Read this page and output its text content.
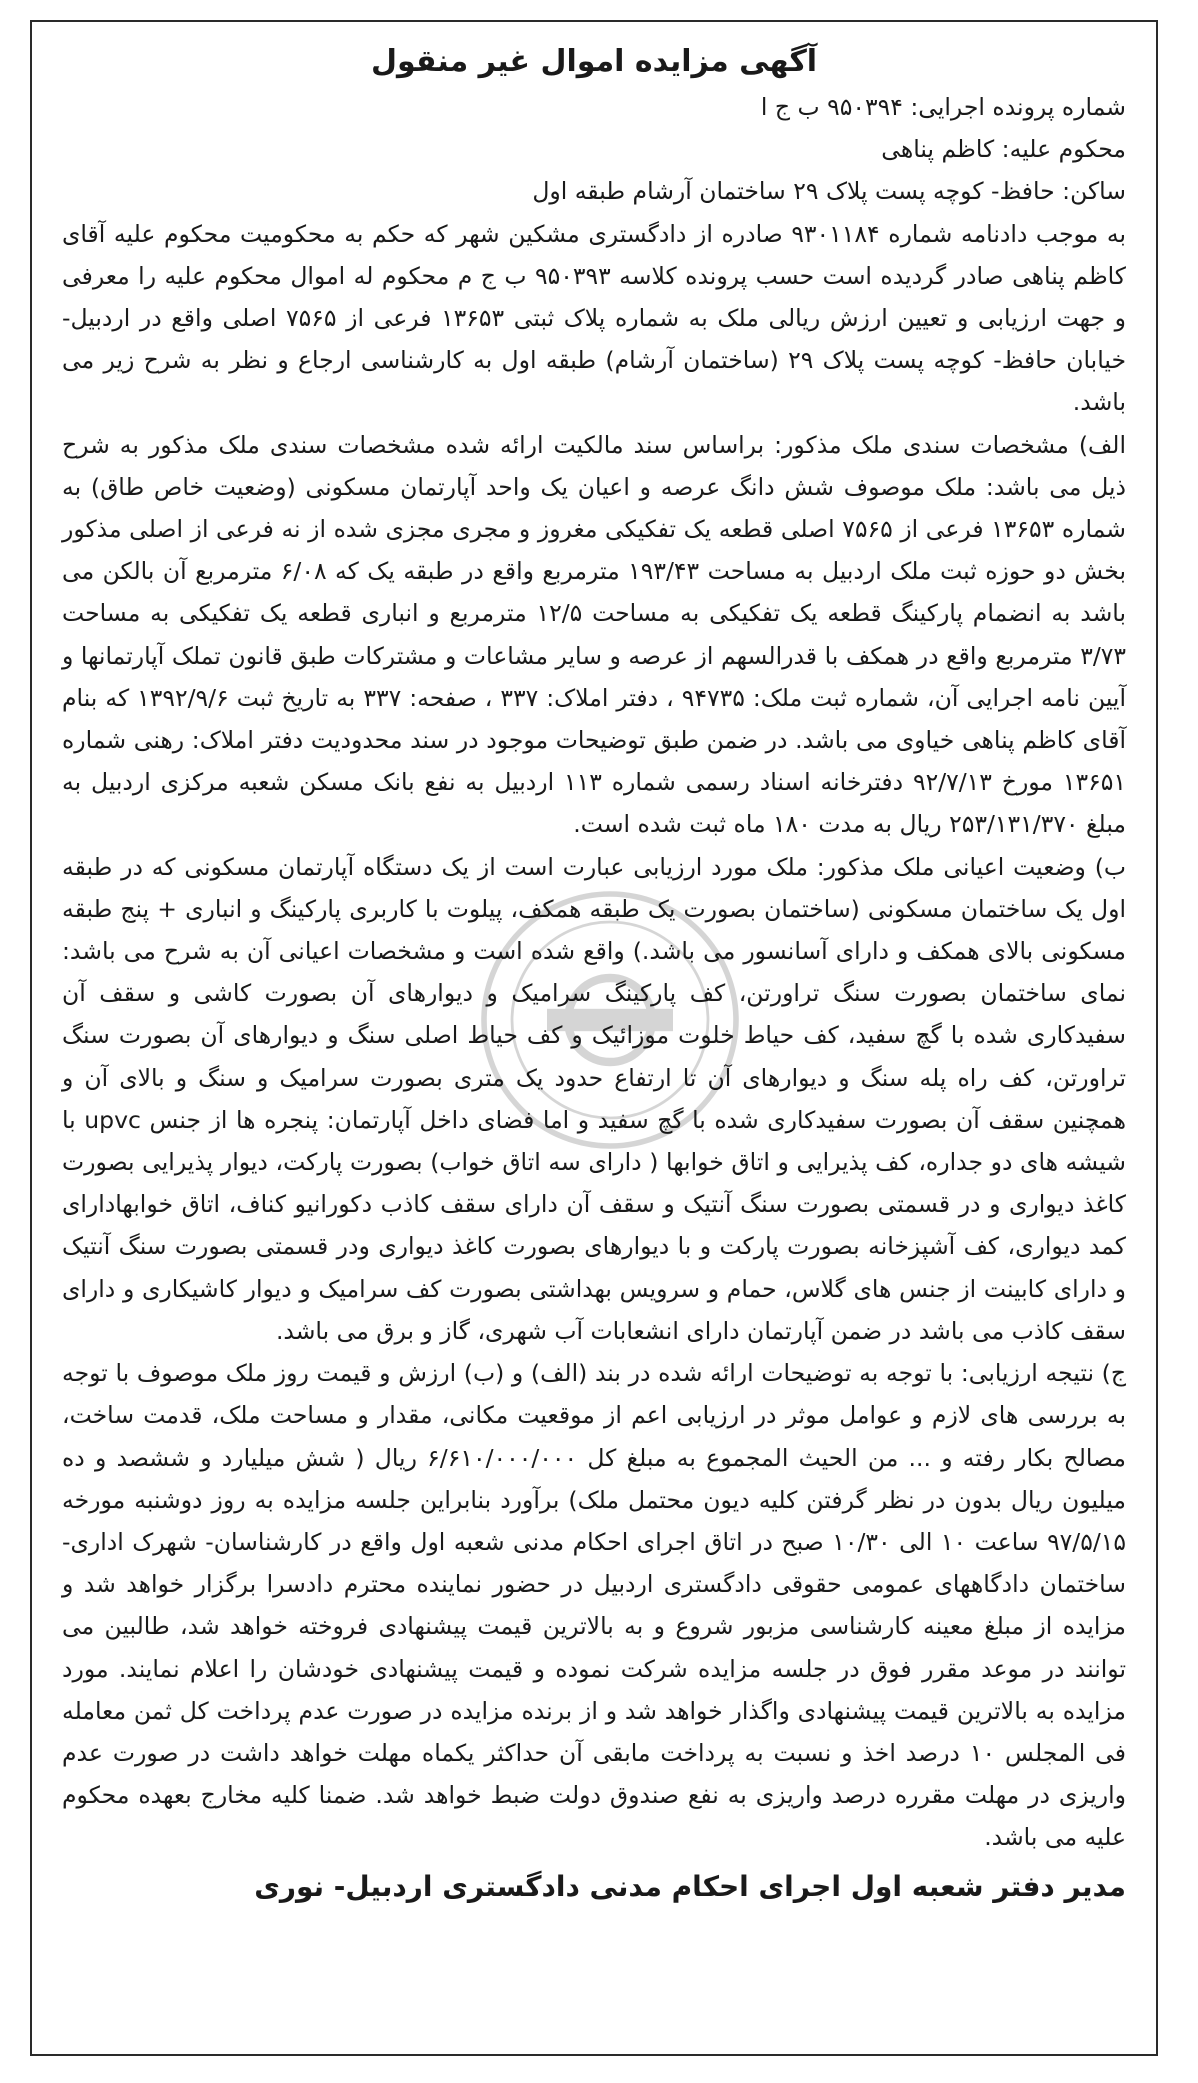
آگهی مزایده اموال غیر منقول
شماره پرونده اجرایی: ۹۵۰۳۹۴ ب ج ا
محکوم علیه: کاظم پناهی
ساکن: حافظ- کوچه پست پلاک ۲۹ ساختمان آرشام طبقه اول

به موجب دادنامه شماره ۹۳۰۱۱۸۴ صادره از دادگستری مشکین شهر که حکم به محکومیت محکوم علیه آقای کاظم پناهی صادر گردیده است حسب پرونده کلاسه ۹۵۰۳۹۳ ب ج م محکوم له اموال محکوم علیه را معرفی و جهت ارزیابی و تعیین ارزش ریالی ملک به شماره پلاک ثبتی ۱۳۶۵۳ فرعی از ۷۵۶۵ اصلی واقع در اردبیل- خیابان حافظ- کوچه پست پلاک ۲۹ (ساختمان آرشام) طبقه اول به کارشناسی ارجاع و نظر به شرح زیر می باشد.

الف) مشخصات سندی ملک مذکور: براساس سند مالکیت ارائه شده مشخصات سندی ملک مذکور به شرح ذیل می باشد: ملک موصوف شش دانگ عرصه و اعیان یک واحد آپارتمان مسکونی (وضعیت خاص طاق) به شماره ۱۳۶۵۳ فرعی از ۷۵۶۵ اصلی قطعه یک تفکیکی مغروز و مجری مجزی شده از نه فرعی از اصلی مذکور بخش دو حوزه ثبت ملک اردبیل به مساحت ۱۹۳/۴۳ مترمربع واقع در طبقه یک که ۶/۰۸ مترمربع آن بالکن می باشد به انضمام پارکینگ قطعه یک تفکیکی به مساحت ۱۲/۵ مترمربع و انباری قطعه یک تفکیکی به مساحت ۳/۷۳ مترمربع واقع در همکف با قدرالسهم از عرصه و سایر مشاعات و مشترکات طبق قانون تملک آپارتمانها و آیین نامه اجرایی آن، شماره ثبت ملک: ۹۴۷۳۵ ، دفتر املاک: ۳۳۷ ، صفحه: ۳۳۷ به تاریخ ثبت ۱۳۹۲/۹/۶ که بنام آقای کاظم پناهی خیاوی می باشد. در ضمن طبق توضیحات موجود در سند محدودیت دفتر املاک: رهنی شماره ۱۳۶۵۱ مورخ ۹۲/۷/۱۳ دفترخانه اسناد رسمی شماره ۱۱۳ اردبیل به نفع بانک مسکن شعبه مرکزی اردبیل به مبلغ ۲۵۳/۱۳۱/۳۷۰ ریال به مدت ۱۸۰ ماه ثبت شده است.

ب) وضعیت اعیانی ملک مذکور: ملک مورد ارزیابی عبارت است از یک دستگاه آپارتمان مسکونی که در طبقه اول یک ساختمان مسکونی (ساختمان بصورت یک طبقه همکف، پیلوت با کاربری پارکینگ و انباری + پنج طبقه مسکونی بالای همکف و دارای آسانسور می باشد.) واقع شده است و مشخصات اعیانی آن به شرح می باشد: نمای ساختمان بصورت سنگ تراورتن، کف پارکینگ سرامیک و دیوارهای آن بصورت کاشی و سقف آن سفیدکاری شده با گچ سفید، کف حیاط خلوت موزائیک و کف حیاط اصلی سنگ و دیوارهای آن بصورت سنگ تراورتن، کف راه پله سنگ و دیوارهای آن تا ارتفاع حدود یک متری بصورت سرامیک و سنگ و بالای آن و همچنین سقف آن بصورت سفیدکاری شده با گچ سفید و اما فضای داخل آپارتمان: پنجره ها از جنس upvc با شیشه های دو جداره، کف پذیرایی و اتاق خوابها ( دارای سه اتاق خواب) بصورت پارکت، دیوار پذیرایی بصورت کاغذ دیواری و در قسمتی بصورت سنگ آنتیک و سقف آن دارای سقف کاذب دکورانیو کناف، اتاق خوابهادارای کمد دیواری، کف آشپزخانه بصورت پارکت و با دیوارهای بصورت کاغذ دیواری ودر قسمتی بصورت سنگ آنتیک و دارای کابینت از جنس های گلاس، حمام و سرویس بهداشتی بصورت کف سرامیک و دیوار کاشیکاری و دارای سقف کاذب می باشد در ضمن آپارتمان دارای انشعابات آب شهری، گاز و برق می باشد.

ج) نتیجه ارزیابی: با توجه به توضیحات ارائه شده در بند (الف) و (ب) ارزش و قیمت روز ملک موصوف با توجه به بررسی های لازم و عوامل موثر در ارزیابی اعم از موقعیت مکانی، مقدار و مساحت ملک، قدمت ساخت، مصالح بکار رفته و ... من الحیث المجموع به مبلغ کل ۶/۶۱۰/۰۰۰/۰۰۰ ریال ( شش میلیارد و ششصد و ده میلیون ریال بدون در نظر گرفتن کلیه دیون محتمل ملک) برآورد بنابراین جلسه مزایده به روز دوشنبه مورخه ۹۷/۵/۱۵ ساعت ۱۰ الی ۱۰/۳۰ صبح در اتاق اجرای احکام مدنی شعبه اول واقع در کارشناسان- شهرک اداری- ساختمان دادگاههای عمومی حقوقی دادگستری اردبیل در حضور نماینده محترم دادسرا برگزار خواهد شد و مزایده از مبلغ معینه کارشناسی مزبور شروع و به بالاترین قیمت پیشنهادی فروخته خواهد شد، طالبین می توانند در موعد مقرر فوق در جلسه مزایده شرکت نموده و قیمت پیشنهادی خودشان را اعلام نمایند. مورد مزایده به بالاترین قیمت پیشنهادی واگذار خواهد شد و از برنده مزایده در صورت عدم پرداخت کل ثمن معامله فی المجلس ۱۰ درصد اخذ و نسبت به پرداخت مابقی آن حداکثر یکماه مهلت خواهد داشت در صورت عدم واریزی در مهلت مقرره درصد واریزی به نفع صندوق دولت ضبط خواهد شد. ضمنا کلیه مخارج بعهده محکوم علیه می باشد.

مدیر دفتر شعبه اول اجرای احکام مدنی دادگستری اردبیل- نوری
